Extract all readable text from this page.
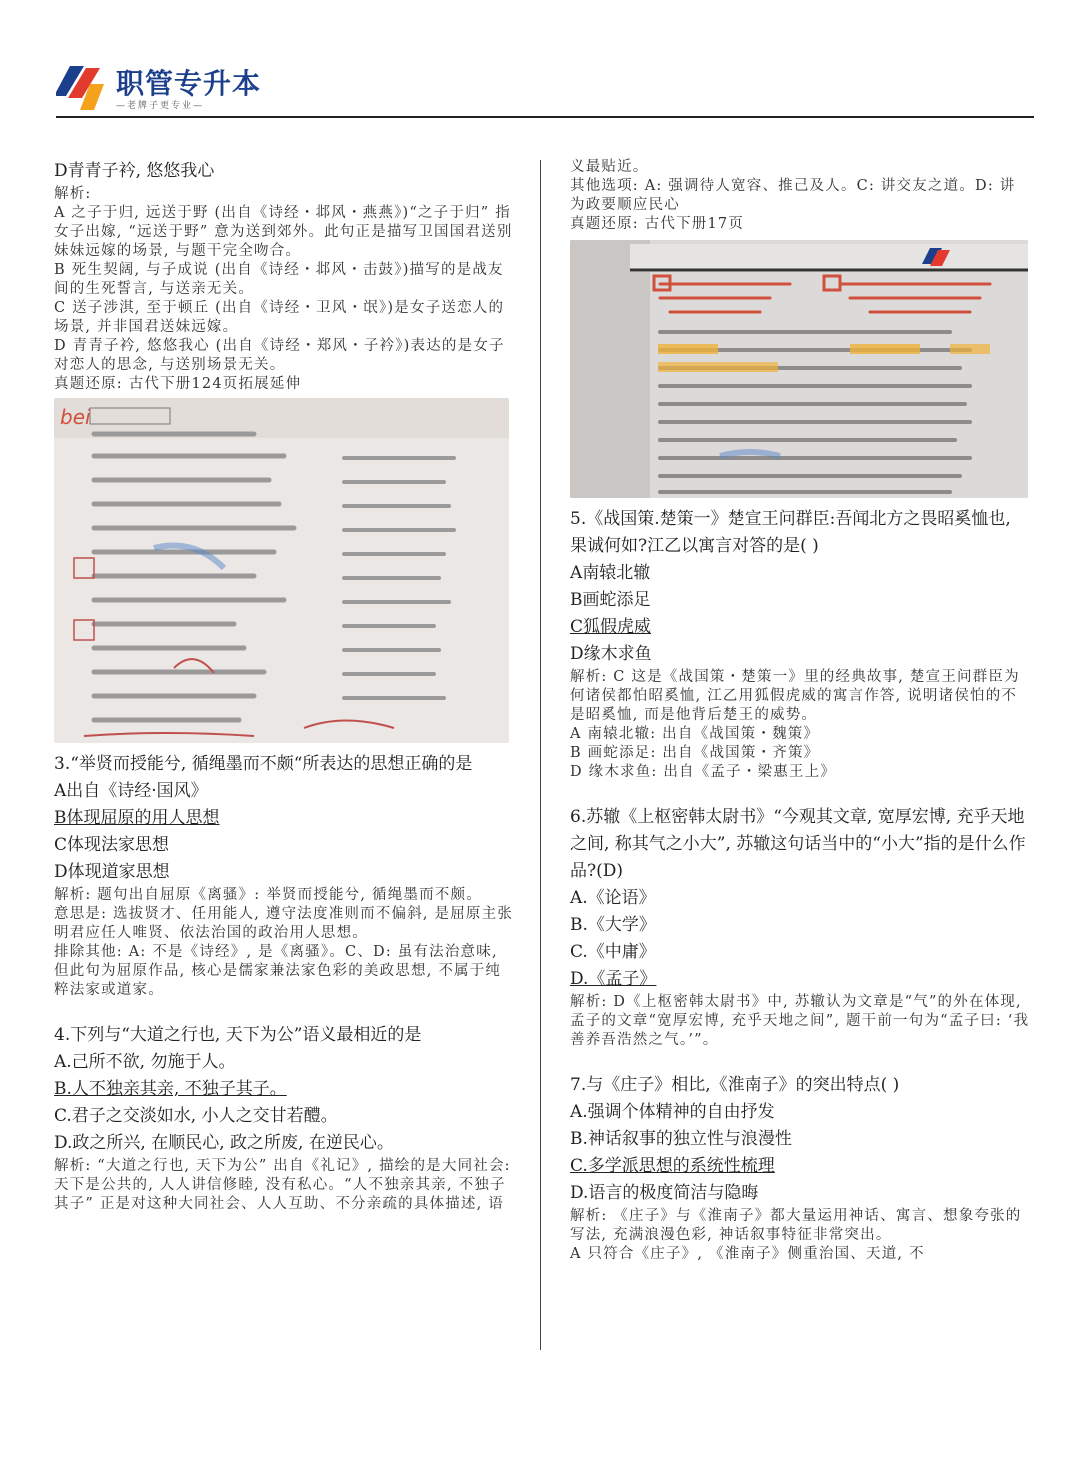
职管专升本
—老牌子更专业—

D青青子衿, 悠悠我心

解析:

A 之子于归, 远送于野 (出自《诗经・邶风・燕燕》)“之子于归” 指女子出嫁, “远送于野” 意为送到郊外。此句正是描写卫国国君送别妹妹远嫁的场景, 与题干完全吻合。

B 死生契阔, 与子成说 (出自《诗经・邶风・击鼓》)描写的是战友间的生死誓言, 与送亲无关。

C 送子涉淇, 至于顿丘 (出自《诗经・卫风・氓》)是女子送恋人的场景, 并非国君送妹远嫁。

D 青青子衿, 悠悠我心 (出自《诗经・郑风・子衿》)表达的是女子对恋人的思念, 与送别场景无关。

真题还原: 古代下册124页拓展延伸

bei

3.“举贤而授能兮, 循绳墨而不颇“所表达的思想正确的是

A出自《诗经·国风》

B体现屈原的用人思想

C体现法家思想

D体现道家思想

解析: 题句出自屈原《离骚》: 举贤而授能兮, 循绳墨而不颇。

意思是: 选拔贤才、任用能人, 遵守法度准则而不偏斜, 是屈原主张明君应任人唯贤、依法治国的政治用人思想。

排除其他: A: 不是《诗经》, 是《离骚》。C、D: 虽有法治意味, 但此句为屈原作品, 核心是儒家兼法家色彩的美政思想, 不属于纯粹法家或道家。

4.下列与“大道之行也, 天下为公”语义最相近的是

A.己所不欲, 勿施于人。

B.人不独亲其亲, 不独子其子。

C.君子之交淡如水, 小人之交甘若醴。

D.政之所兴, 在顺民心, 政之所废, 在逆民心。

解析: “大道之行也, 天下为公” 出自《礼记》, 描绘的是大同社会: 天下是公共的, 人人讲信修睦, 没有私心。“人不独亲其亲, 不独子其子” 正是对这种大同社会、人人互助、不分亲疏的具体描述, 语

义最贴近。

其他选项: A: 强调待人宽容、推己及人。C: 讲交友之道。D: 讲为政要顺应民心

真题还原: 古代下册17页

5.《战国策.楚策一》楚宣王问群臣:吾闻北方之畏昭奚恤也, 果诚何如?江乙以寓言对答的是( )

A南辕北辙

B画蛇添足

C狐假虎威

D缘木求鱼

解析: C 这是《战国策・楚策一》里的经典故事, 楚宣王问群臣为何诸侯都怕昭奚恤, 江乙用狐假虎威的寓言作答, 说明诸侯怕的不是昭奚恤, 而是他背后楚王的威势。

A 南辕北辙: 出自《战国策・魏策》

B 画蛇添足: 出自《战国策・齐策》

D 缘木求鱼: 出自《孟子・梁惠王上》

6.苏辙《上枢密韩太尉书》“今观其文章, 宽厚宏博, 充乎天地之间, 称其气之小大”, 苏辙这句话当中的“小大”指的是什么作品?(D)

A.《论语》

B.《大学》

C.《中庸》

D.《孟子》

解析: D《上枢密韩太尉书》中, 苏辙认为文章是“气”的外在体现, 孟子的文章“宽厚宏博, 充乎天地之间”, 题干前一句为“孟子曰: ‘我善养吾浩然之气。’”。

7.与《庄子》相比,《淮南子》的突出特点( )

A.强调个体精神的自由抒发

B.神话叙事的独立性与浪漫性

C.多学派思想的系统性梳理

D.语言的极度简洁与隐晦

解析: 《庄子》与《淮南子》都大量运用神话、寓言、想象夸张的写法, 充满浪漫色彩, 神话叙事特征非常突出。

A 只符合《庄子》, 《淮南子》侧重治国、天道, 不
